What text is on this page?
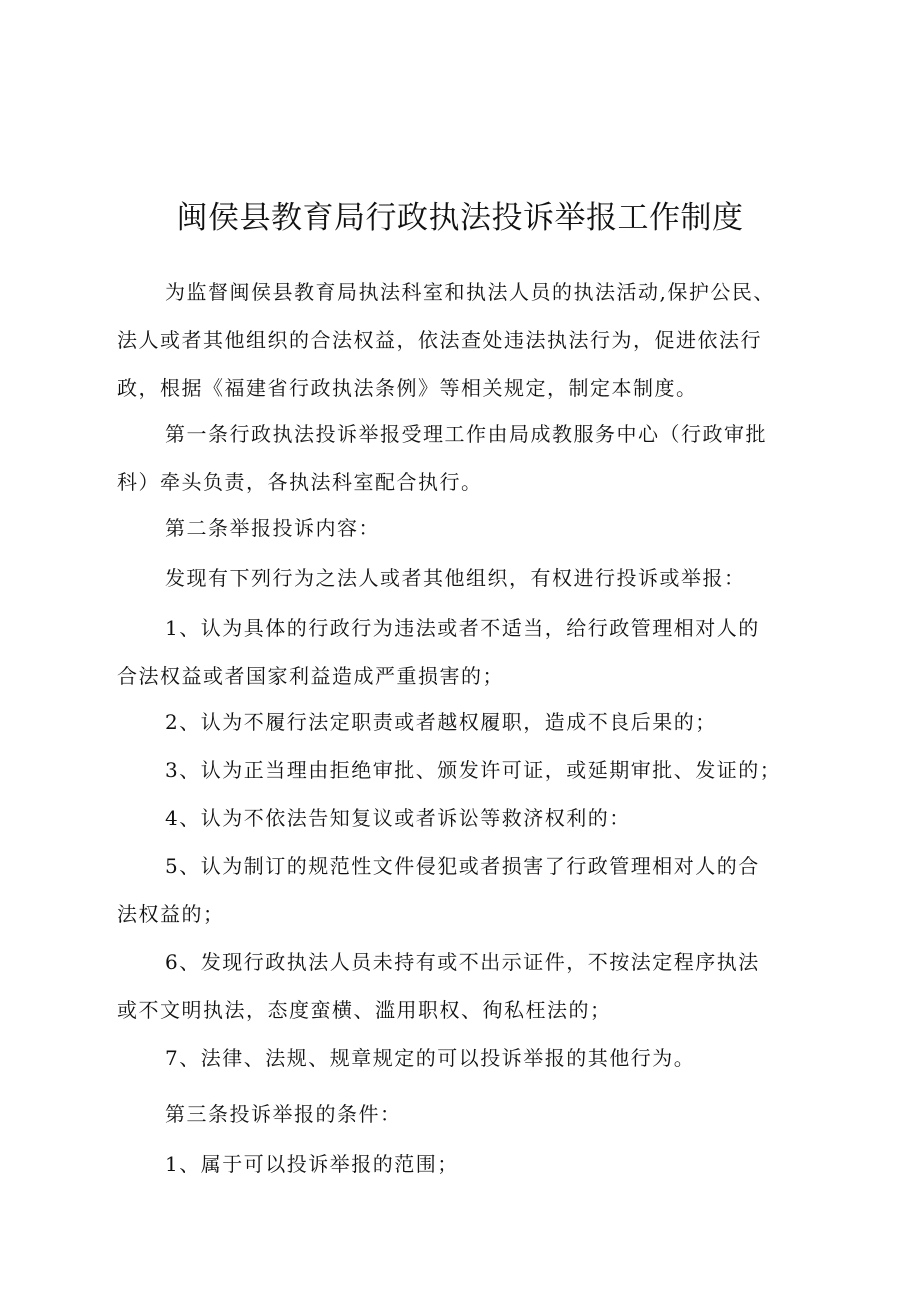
闽侯县教育局行政执法投诉举报工作制度
为监督闽侯县教育局执法科室和执法人员的执法活动,保护公民、
法人或者其他组织的合法权益，依法查处违法执法行为，促进依法行
政，根据《福建省行政执法条例》等相关规定，制定本制度。
第一条行政执法投诉举报受理工作由局成教服务中心（行政审批
科）牵头负责，各执法科室配合执行。
第二条举报投诉内容：
发现有下列行为之法人或者其他组织，有权进行投诉或举报：
1、认为具体的行政行为违法或者不适当，给行政管理相对人的
合法权益或者国家利益造成严重损害的；
2、认为不履行法定职责或者越权履职，造成不良后果的；
3、认为正当理由拒绝审批、颁发许可证，或延期审批、发证的；
4、认为不依法告知复议或者诉讼等救济权利的：
5、认为制订的规范性文件侵犯或者损害了行政管理相对人的合
法权益的；
6、发现行政执法人员未持有或不出示证件，不按法定程序执法
或不文明执法，态度蛮横、滥用职权、徇私枉法的；
7、法律、法规、规章规定的可以投诉举报的其他行为。
第三条投诉举报的条件：
1、属于可以投诉举报的范围；
